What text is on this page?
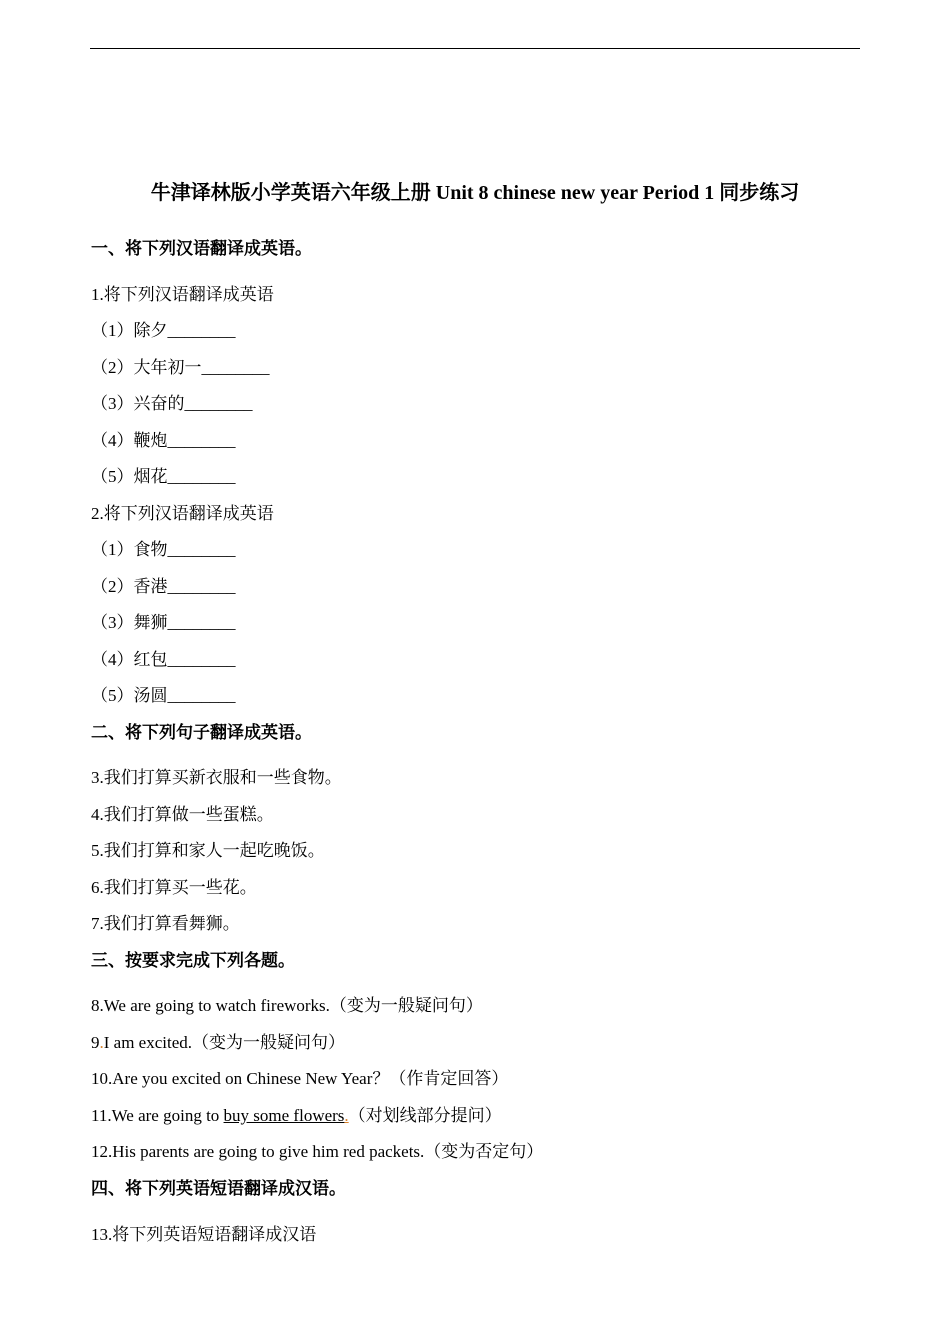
牛津译林版小学英语六年级上册 Unit 8 chinese new year Period 1 同步练习
一、将下列汉语翻译成英语。
1.将下列汉语翻译成英语
（1）除夕________
（2）大年初一________
（3）兴奋的________
（4）鞭炮________
（5）烟花________
2.将下列汉语翻译成英语
（1）食物________
（2）香港________
（3）舞狮________
（4）红包________
（5）汤圆________
二、将下列句子翻译成英语。
3.我们打算买新衣服和一些食物。
4.我们打算做一些蛋糕。
5.我们打算和家人一起吃晚饭。
6.我们打算买一些花。
7.我们打算看舞狮。
三、按要求完成下列各题。
8.We are going to watch fireworks.（变为一般疑问句）
9.I am excited.（变为一般疑问句）
10.Are you excited on Chinese New Year？（作肯定回答）
11.We are going to buy some flowers.（对划线部分提问）
12.His parents are going to give him red packets.（变为否定句）
四、将下列英语短语翻译成汉语。
13.将下列英语短语翻译成汉语
